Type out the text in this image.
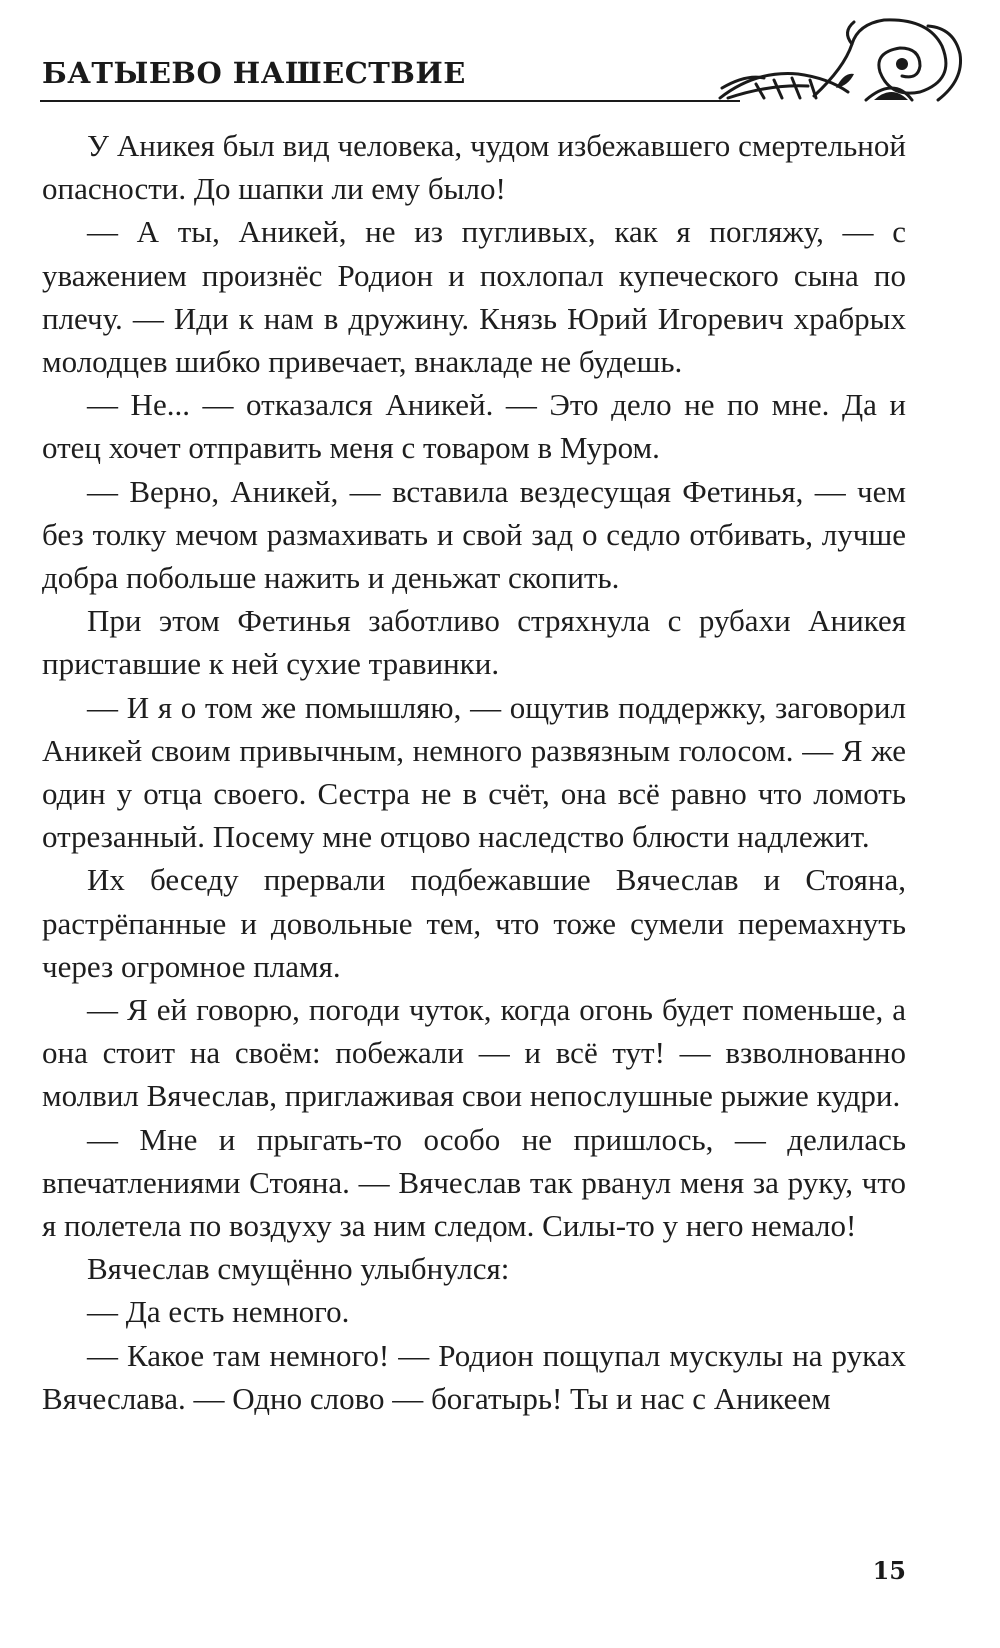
БАТЫЕВО НАШЕСТВИЕ

У Аникея был вид человека, чудом избежавшего смертельной опасности. До шапки ли ему было!

— А ты, Аникей, не из пугливых, как я погляжу, — с уважением произнёс Родион и похлопал купеческого сына по плечу. — Иди к нам в дружину. Князь Юрий Игоревич храбрых молодцев шибко привечает, внакладе не будешь.

— Не... — отказался Аникей. — Это дело не по мне. Да и отец хочет отправить меня с товаром в Муром.

— Верно, Аникей, — вставила вездесущая Фетинья, — чем без толку мечом размахивать и свой зад о седло отбивать, лучше добра побольше нажить и деньжат скопить.

При этом Фетинья заботливо стряхнула с рубахи Аникея приставшие к ней сухие травинки.

— И я о том же помышляю, — ощутив поддержку, заговорил Аникей своим привычным, немного развязным голосом. — Я же один у отца своего. Сестра не в счёт, она всё равно что ломоть отрезанный. Посему мне отцово наследство блюсти надлежит.

Их беседу прервали подбежавшие Вячеслав и Стояна, растрёпанные и довольные тем, что тоже сумели перемахнуть через огромное пламя.

— Я ей говорю, погоди чуток, когда огонь будет поменьше, а она стоит на своём: побежали — и всё тут! — взволнованно молвил Вячеслав, приглаживая свои непослушные рыжие кудри.

— Мне и прыгать-то особо не пришлось, — делилась впечатлениями Стояна. — Вячеслав так рванул меня за руку, что я полетела по воздуху за ним следом. Силы-то у него немало!

Вячеслав смущённо улыбнулся:

— Да есть немного.

— Какое там немного! — Родион пощупал мускулы на руках Вячеслава. — Одно слово — богатырь! Ты и нас с Аникеем

15
